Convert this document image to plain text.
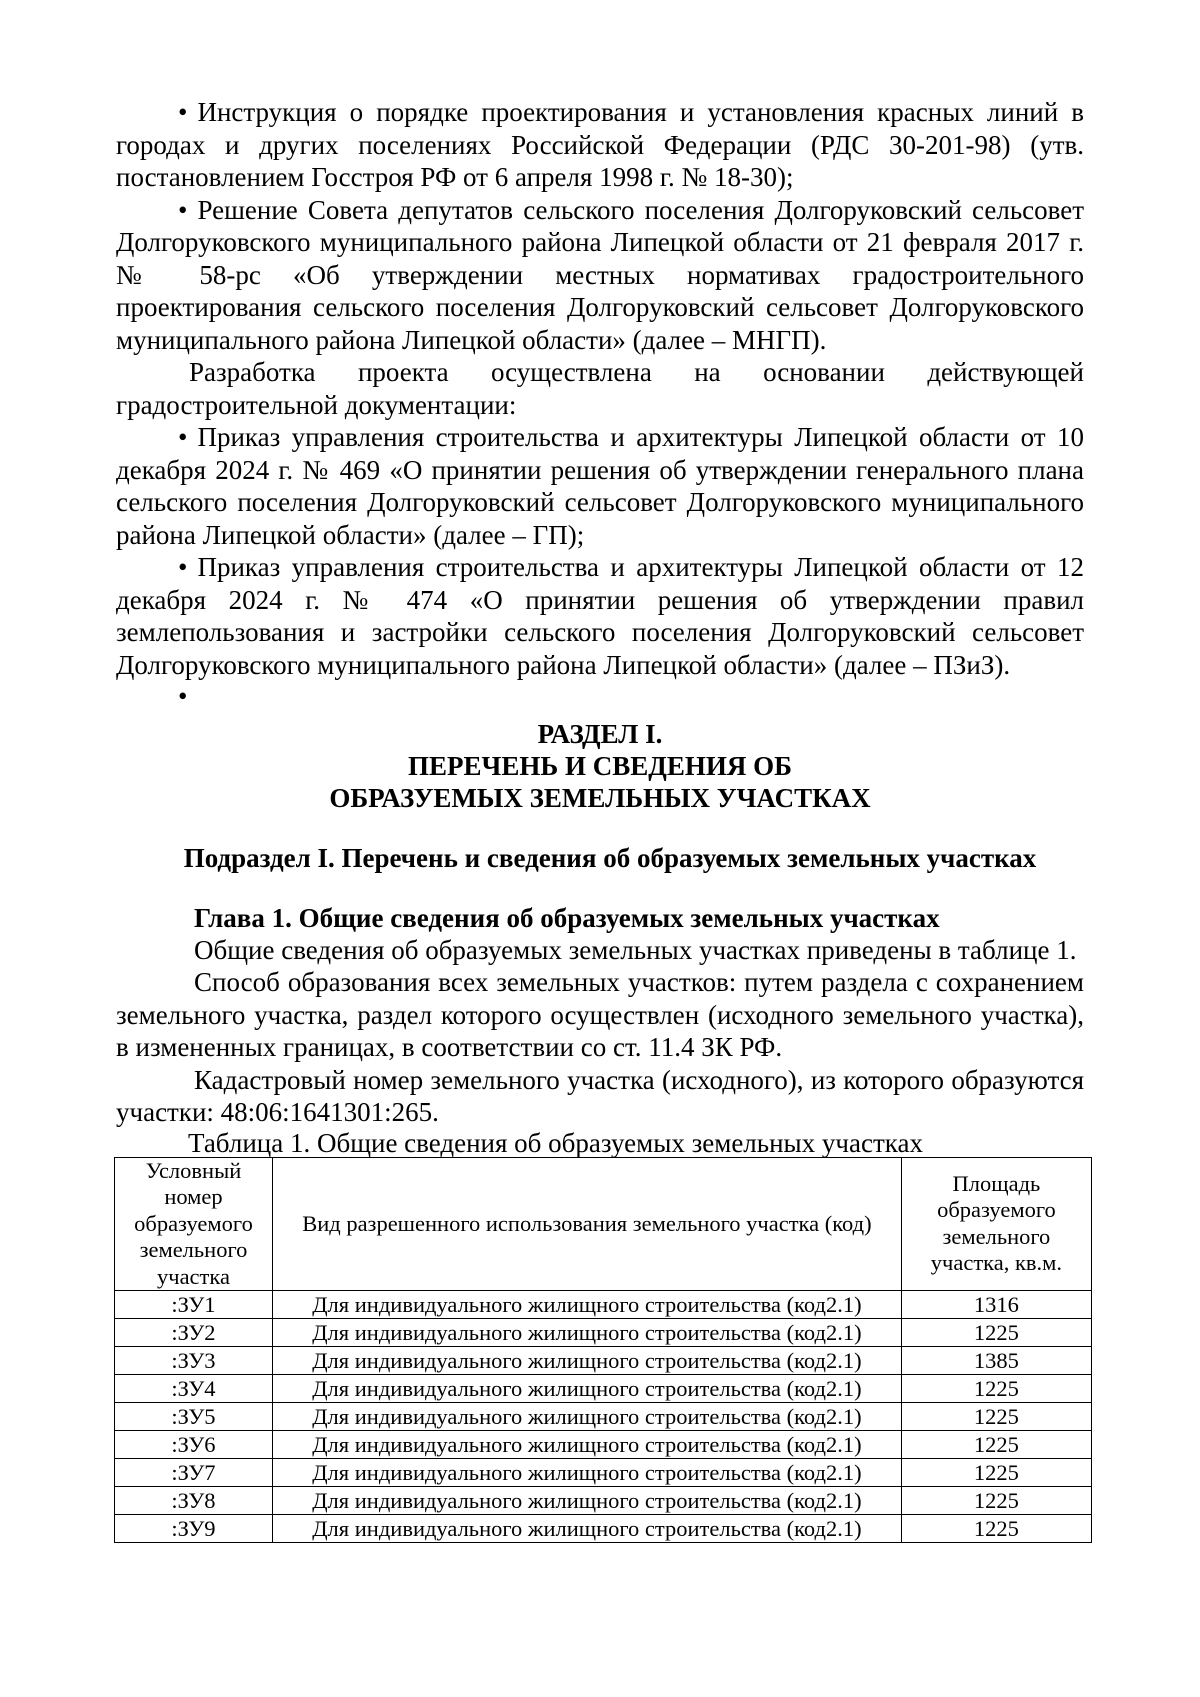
• Инструкция о порядке проектирования и установления красных линий в городах и других поселениях Российской Федерации (РДС 30-201-98) (утв. постановлением Госстроя РФ от 6 апреля 1998 г. № 18-30);

• Решение Совета депутатов сельского поселения Долгоруковский сельсовет Долгоруковского муниципального района Липецкой области от 21 февраля 2017 г. № 58-рс «Об утверждении местных нормативах градостроительного проектирования сельского поселения Долгоруковский сельсовет Долгоруковского муниципального района Липецкой области» (далее – МНГП).

Разработка проекта осуществлена на основании действующей градостроительной документации:

• Приказ управления строительства и архитектуры Липецкой области от 10 декабря 2024 г. № 469 «О принятии решения об утверждении генерального плана сельского поселения Долгоруковский сельсовет Долгоруковского муниципального района Липецкой области» (далее – ГП);

• Приказ управления строительства и архитектуры Липецкой области от 12 декабря 2024 г. № 474 «О принятии решения об утверждении правил землепользования и застройки сельского поселения Долгоруковский сельсовет Долгоруковского муниципального района Липецкой области» (далее – ПЗиЗ).

•
РАЗДЕЛ I.
ПЕРЕЧЕНЬ И СВЕДЕНИЯ ОБ
ОБРАЗУЕМЫХ ЗЕМЕЛЬНЫХ УЧАСТКАХ
Подраздел I. Перечень и сведения об образуемых земельных участках
Глава 1. Общие сведения об образуемых земельных участках

Общие сведения об образуемых земельных участках приведены в таблице 1.

Способ образования всех земельных участков: путем раздела с сохранением земельного участка, раздел которого осуществлен (исходного земельного участка), в измененных границах, в соответствии со ст. 11.4 ЗК РФ.

Кадастровый номер земельного участка (исходного), из которого образуются участки: 48:06:1641301:265.

Таблица 1. Общие сведения об образуемых земельных участках

Условный номер образуемого земельного участка	Вид разрешенного использования земельного участка (код)	Площадь образуемого земельного участка, кв.м.
:ЗУ1	Для индивидуального жилищного строительства (код2.1)	1316
:ЗУ2	Для индивидуального жилищного строительства (код2.1)	1225
:ЗУ3	Для индивидуального жилищного строительства (код2.1)	1385
:ЗУ4	Для индивидуального жилищного строительства (код2.1)	1225
:ЗУ5	Для индивидуального жилищного строительства (код2.1)	1225
:ЗУ6	Для индивидуального жилищного строительства (код2.1)	1225
:ЗУ7	Для индивидуального жилищного строительства (код2.1)	1225
:ЗУ8	Для индивидуального жилищного строительства (код2.1)	1225
:ЗУ9	Для индивидуального жилищного строительства (код2.1)	1225
